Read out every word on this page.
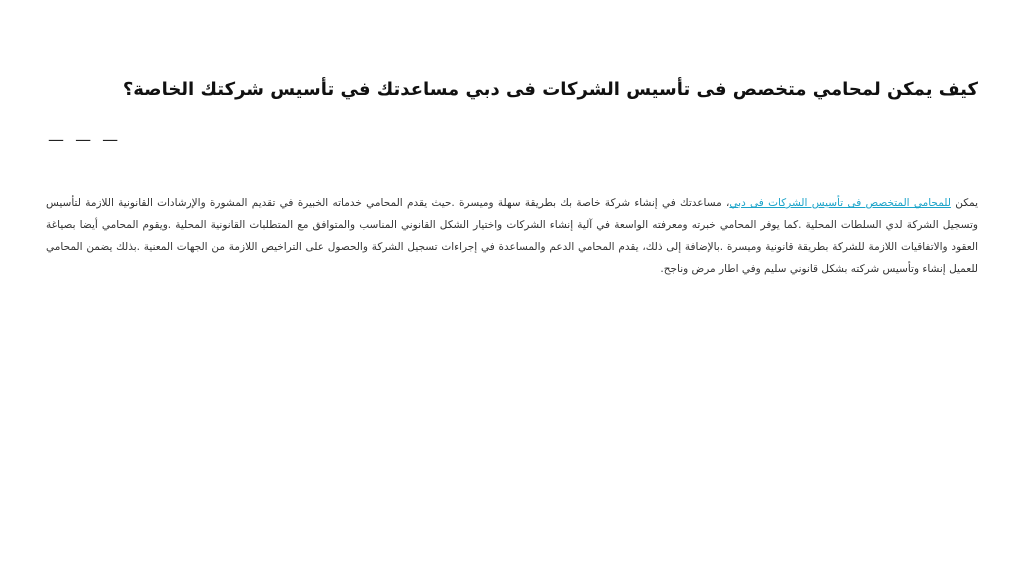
كيف يمكن لمحامي متخصص فى تأسيس الشركات فى دبي مساعدتك في تأسيس شركتك الخاصة؟
— — —

يمكن للمحامي المتخصص فى تأسيس الشركات فى دبي، مساعدتك في إنشاء شركة خاصة بك بطريقة سهلة وميسرة .حيث يقدم المحامي خدماته الخبيرة في تقديم المشورة والإرشادات القانونية اللازمة لتأسيس وتسجيل الشركة لدي السلطات المحلية .كما يوفر المحامي خبرته ومعرفته الواسعة في آلية إنشاء الشركات واختيار الشكل القانوني المناسب والمتوافق مع المتطلبات القانونية المحلية .ويقوم المحامي أيضا بصياغة العقود والاتفاقيات اللازمة للشركة بطريقة قانونية وميسرة .بالإضافة إلى ذلك، يقدم المحامي الدعم والمساعدة في إجراءات تسجيل الشركة والحصول على التراخيص اللازمة من الجهات المعنية .بذلك يضمن المحامي للعميل إنشاء وتأسيس شركته بشكل قانوني سليم وفي اطار مرض وناجح.
